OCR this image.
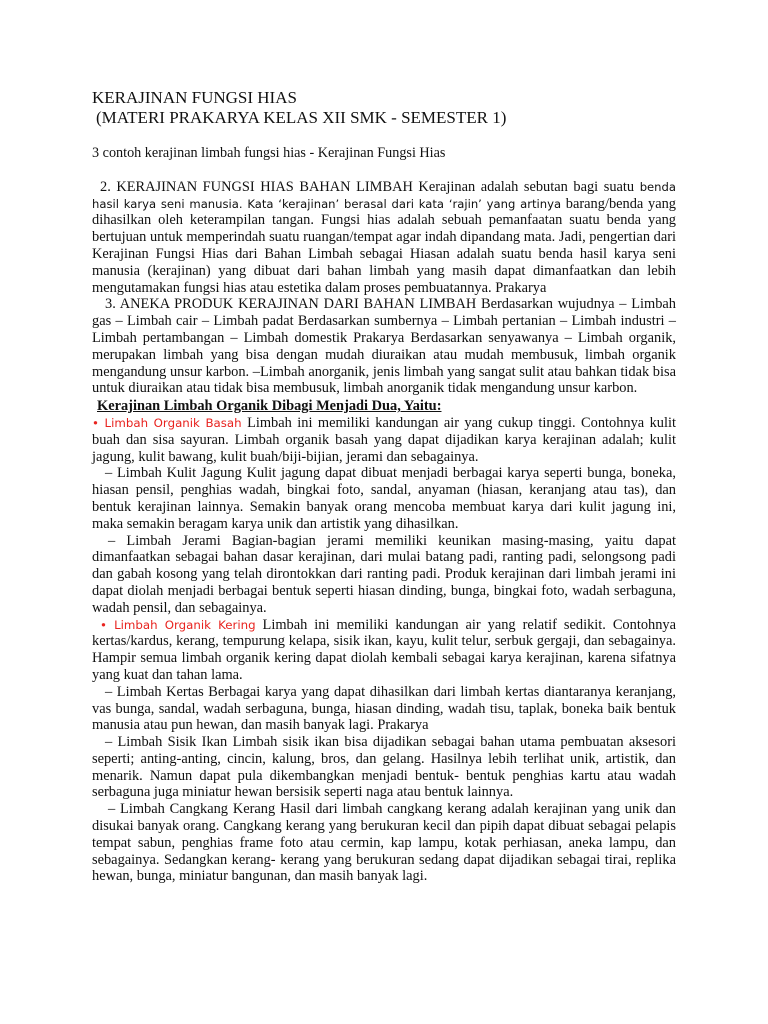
KERAJINAN FUNGSI HIAS
(MATERI PRAKARYA KELAS XII SMK - SEMESTER 1)

3 contoh kerajinan limbah fungsi hias - Kerajinan Fungsi Hias

2. KERAJINAN FUNGSI HIAS BAHAN LIMBAH Kerajinan adalah sebutan bagi suatu benda hasil karya seni manusia. Kata ‘kerajinan’ berasal dari kata ‘rajin’ yang artinya barang/benda yang dihasilkan oleh keterampilan tangan. Fungsi hias adalah sebuah pemanfaatan suatu benda yang bertujuan untuk memperindah suatu ruangan/tempat agar indah dipandang mata. Jadi, pengertian dari Kerajinan Fungsi Hias dari Bahan Limbah sebagai Hiasan adalah suatu benda hasil karya seni manusia (kerajinan) yang dibuat dari bahan limbah yang masih dapat dimanfaatkan dan lebih mengutamakan fungsi hias atau estetika dalam proses pembuatannya. Prakarya

3. ANEKA PRODUK KERAJINAN DARI BAHAN LIMBAH Berdasarkan wujudnya – Limbah gas – Limbah cair – Limbah padat Berdasarkan sumbernya – Limbah pertanian – Limbah industri – Limbah pertambangan – Limbah domestik Prakarya Berdasarkan senyawanya – Limbah organik, merupakan limbah yang bisa dengan mudah diuraikan atau mudah membusuk, limbah organik mengandung unsur karbon. –Limbah anorganik, jenis limbah yang sangat sulit atau bahkan tidak bisa untuk diuraikan atau tidak bisa membusuk, limbah anorganik tidak mengandung unsur karbon.

Kerajinan Limbah Organik Dibagi Menjadi Dua, Yaitu:

• Limbah Organik Basah Limbah ini memiliki kandungan air yang cukup tinggi. Contohnya kulit buah dan sisa sayuran. Limbah organik basah yang dapat dijadikan karya kerajinan adalah; kulit jagung, kulit bawang, kulit buah/biji-bijian, jerami dan sebagainya.

– Limbah Kulit Jagung Kulit jagung dapat dibuat menjadi berbagai karya seperti bunga, boneka, hiasan pensil, penghias wadah, bingkai foto, sandal, anyaman (hiasan, keranjang atau tas), dan bentuk kerajinan lainnya. Semakin banyak orang mencoba membuat karya dari kulit jagung ini, maka semakin beragam karya unik dan artistik yang dihasilkan.

– Limbah Jerami Bagian-bagian jerami memiliki keunikan masing-masing, yaitu dapat dimanfaatkan sebagai bahan dasar kerajinan, dari mulai batang padi, ranting padi, selongsong padi dan gabah kosong yang telah dirontokkan dari ranting padi. Produk kerajinan dari limbah jerami ini dapat diolah menjadi berbagai bentuk seperti hiasan dinding, bunga, bingkai foto, wadah serbaguna, wadah pensil, dan sebagainya.

• Limbah Organik Kering Limbah ini memiliki kandungan air yang relatif sedikit. Contohnya kertas/kardus, kerang, tempurung kelapa, sisik ikan, kayu, kulit telur, serbuk gergaji, dan sebagainya. Hampir semua limbah organik kering dapat diolah kembali sebagai karya kerajinan, karena sifatnya yang kuat dan tahan lama.

– Limbah Kertas Berbagai karya yang dapat dihasilkan dari limbah kertas diantaranya keranjang, vas bunga, sandal, wadah serbaguna, bunga, hiasan dinding, wadah tisu, taplak, boneka baik bentuk manusia atau pun hewan, dan masih banyak lagi. Prakarya

– Limbah Sisik Ikan Limbah sisik ikan bisa dijadikan sebagai bahan utama pembuatan aksesori seperti; anting-anting, cincin, kalung, bros, dan gelang. Hasilnya lebih terlihat unik, artistik, dan menarik. Namun dapat pula dikembangkan menjadi bentuk- bentuk penghias kartu atau wadah serbaguna juga miniatur hewan bersisik seperti naga atau bentuk lainnya.

– Limbah Cangkang Kerang Hasil dari limbah cangkang kerang adalah kerajinan yang unik dan disukai banyak orang. Cangkang kerang yang berukuran kecil dan pipih dapat dibuat sebagai pelapis tempat sabun, penghias frame foto atau cermin, kap lampu, kotak perhiasan, aneka lampu, dan sebagainya. Sedangkan kerang- kerang yang berukuran sedang dapat dijadikan sebagai tirai, replika hewan, bunga, miniatur bangunan, dan masih banyak lagi.
